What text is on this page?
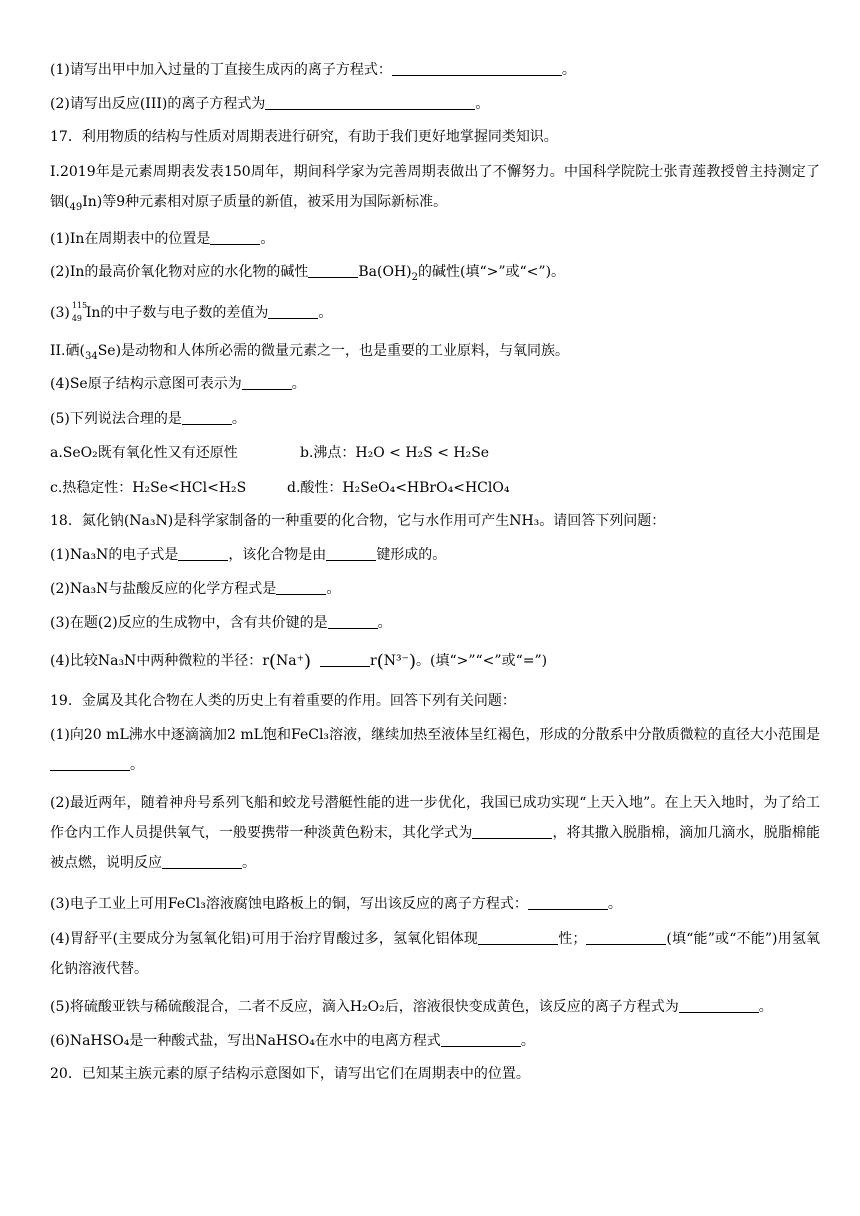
(1)请写出甲中加入过量的丁直接生成丙的离子方程式：	。
(2)请写出反应(III)的离子方程式为	。
17．利用物质的结构与性质对周期表进行研究，有助于我们更好地掌握同类知识。
I.2019年是元素周期表发表150周年，期间科学家为完善周期表做出了不懈努力。中国科学院院士张青莲教授曾主持测定了铟$(_{49}In)$等9种元素相对原子质量的新值，被采用为国际新标准。
(1)In在周期表中的位置是	。
(2)In的最高价氧化物对应的水化物的碱性	$Ba(OH)_2$的碱性(填“>”或“<”)。
(3) 115
49 In的中子数与电子数的差值为	。
II.硒$(_{34}Se)$是动物和人体所必需的微量元素之一，也是重要的工业原料，与氧同族。
(4)Se原子结构示意图可表示为	。
(5)下列说法合理的是	。
a.SeO₂既有氧化性又有还原性	b.沸点：H₂O < H₂S < H₂Se
c.热稳定性：H₂Se<HCl<H₂S	d.酸性：H₂SeO₄<HBrO₄<HClO₄
18．氮化钠(Na₃N)是科学家制备的一种重要的化合物，它与水作用可产生NH₃。请回答下列问题：
(1)Na₃N的电子式是	，该化合物是由	键形成的。
(2)Na₃N与盐酸反应的化学方程式是	。
(3)在题(2)反应的生成物中，含有共价键的是	。
(4)比较Na₃N中两种微粒的半径：r(Na⁺)	r(N³⁻)。(填“>”“<”或“=”)
19．金属及其化合物在人类的历史上有着重要的作用。回答下列有关问题：
(1)向20 mL沸水中逐滴滴加2 mL饱和FeCl₃溶液，继续加热至液体呈红褐色，形成的分散系中分散质微粒的直径大小范围是。
(2)最近两年，随着神舟号系列飞船和蛟龙号潜艇性能的进一步优化，我国已成功实现“上天入地”。在上天入地时，为了给工作仓内工作人员提供氧气，一般要携带一种淡黄色粉末，其化学式为	，将其撒入脱脂棉，滴加几滴水，脱脂棉能被点燃，说明反应	。
(3)电子工业上可用FeCl₃溶液腐蚀电路板上的铜，写出该反应的离子方程式：	。
(4)胃舒平(主要成分为氢氧化铝)可用于治疗胃酸过多，氢氧化铝体现	性；	(填“能”或“不能”)用氢氧化钠溶液代替。
(5)将硫酸亚铁与稀硫酸混合，二者不反应，滴入H₂O₂后，溶液很快变成黄色，该反应的离子方程式为	。
(6)NaHSO₄是一种酸式盐，写出NaHSO₄在水中的电离方程式	。
20．已知某主族元素的原子结构示意图如下，请写出它们在周期表中的位置。
